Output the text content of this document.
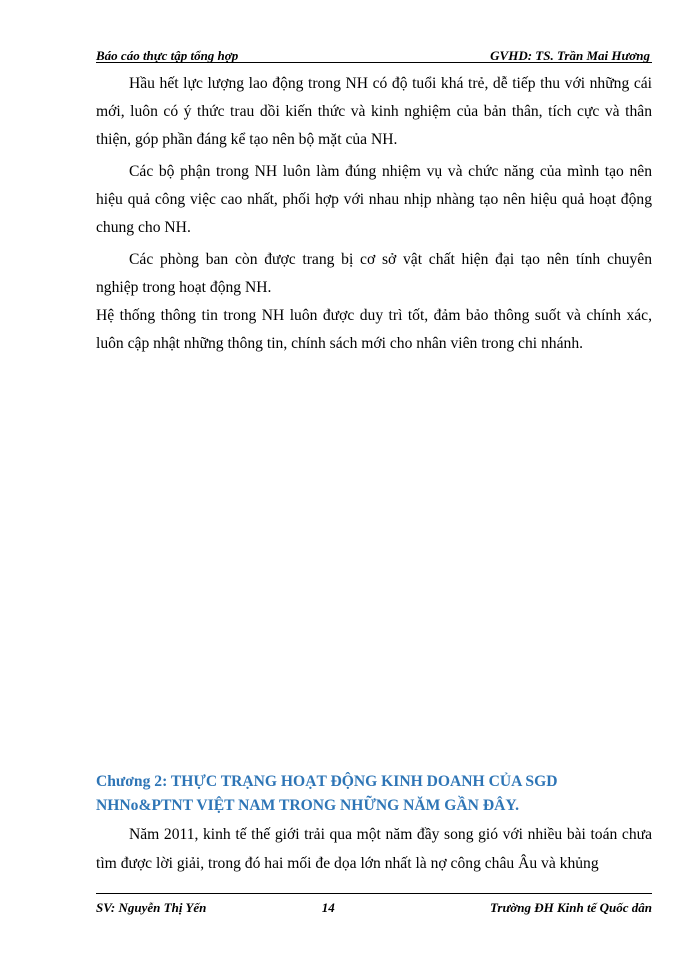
Báo cáo thực tập tổng hợp	GVHD: TS. Trần Mai Hương

Hầu hết lực lượng lao động trong NH có độ tuổi khá trẻ, dễ tiếp thu với những cái mới, luôn có ý thức trau dồi kiến thức và kinh nghiệm của bản thân, tích cực và thân thiện, góp phần đáng kể tạo nên bộ mặt của NH.

Các bộ phận trong NH luôn làm đúng nhiệm vụ và chức năng của mình tạo nên hiệu quả công việc cao nhất, phối hợp với nhau nhịp nhàng tạo nên hiệu quả hoạt động chung cho NH.

Các phòng ban còn được trang bị cơ sở vật chất hiện đại tạo nên tính chuyên nghiệp trong hoạt động NH.

Hệ thống thông tin trong NH luôn được duy trì tốt, đảm bảo thông suốt và chính xác, luôn cập nhật những thông tin, chính sách mới cho nhân viên trong chi nhánh.

Chương 2: THỰC TRẠNG HOẠT ĐỘNG KINH DOANH CỦA SGD
NHNo&PTNT VIỆT NAM TRONG NHỮNG NĂM GẦN ĐÂY.

Năm 2011, kinh tế thế giới trải qua một năm đầy song gió với nhiều bài toán chưa tìm được lời giải, trong đó hai mối đe dọa lớn nhất là nợ công châu Âu và khủng

SV: Nguyễn Thị Yến	14	Trường ĐH Kinh tế Quốc dân
